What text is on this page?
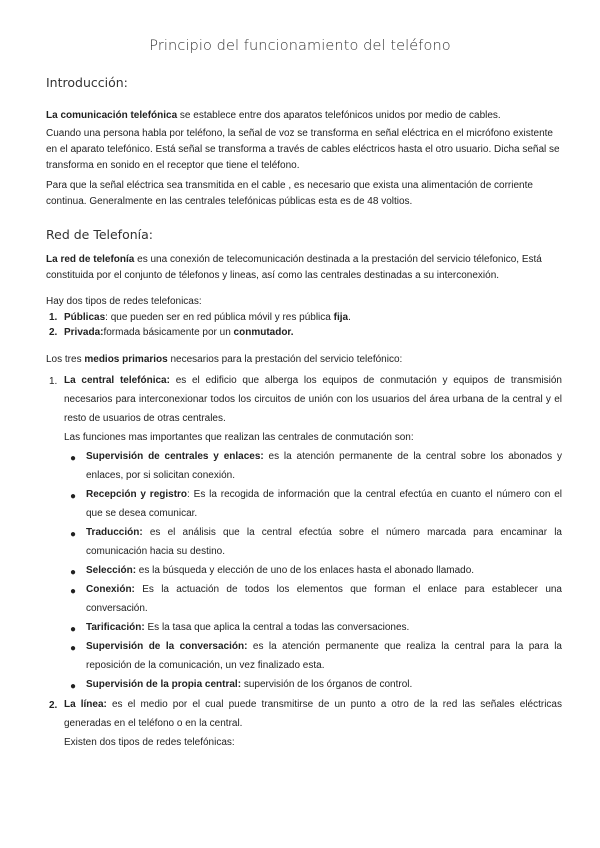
Principio del funcionamiento del teléfono
Introducción:
La comunicación telefónica se establece entre dos aparatos telefónicos unidos por medio de cables.
Cuando una persona habla por teléfono, la señal de voz se transforma en señal eléctrica en el micrófono existente en el aparato telefónico. Está señal se transforma a través de cables eléctricos hasta el otro usuario. Dicha señal se transforma en sonido en el receptor que tiene el teléfono.
Para que la señal eléctrica sea transmitida en el cable , es necesario que exista una alimentación de corriente continua. Generalmente en las centrales telefónicas públicas esta es de 48 voltios.
Red de Telefonía:
La red de telefonía es una conexión de telecomunicación destinada a la prestación del servicio télefonico, Está constituida por el conjunto de télefonos y lineas, así como las centrales destinadas a su interconexión.
Hay dos tipos de redes telefonicas:
1. Públicas: que pueden ser en red pública móvil y res pública fija.
2. Privada:formada básicamente por un conmutador.
Los tres medios primarios necesarios para la prestación del servicio telefónico:
1. La central telefónica: es el edificio que alberga los equipos de conmutación y equipos de transmisión necesarios para interconexionar todos los circuitos de unión con los usuarios del área urbana de la central y el resto de usuarios de otras centrales.
Las funciones mas importantes que realizan las centrales de conmutación son:
● Supervisión de centrales y enlaces: es la atención permanente de la central sobre los abonados y enlaces, por si solicitan conexión.
● Recepción y registro: Es la recogida de información que la central efectúa en cuanto el número con el que se desea comunicar.
● Traducción: es el análisis que la central efectúa sobre el número marcada para encaminar la comunicación hacia su destino.
● Selección: es la búsqueda y elección de uno de los enlaces hasta el abonado llamado.
● Conexión: Es la actuación de todos los elementos que forman el enlace para establecer una conversación.
● Tarificación: Es la tasa que aplica la central a todas las conversaciones.
● Supervisión de la conversación: es la atención permanente que realiza la central para la para la reposición de la comunicación, un vez finalizado esta.
● Supervisión de la propia central: supervisión de los órganos de control.
2. La línea: es el medio por el cual puede transmitirse de un punto a otro de la red las señales eléctricas generadas en el teléfono o en la central.
Existen dos tipos de redes telefónicas:
